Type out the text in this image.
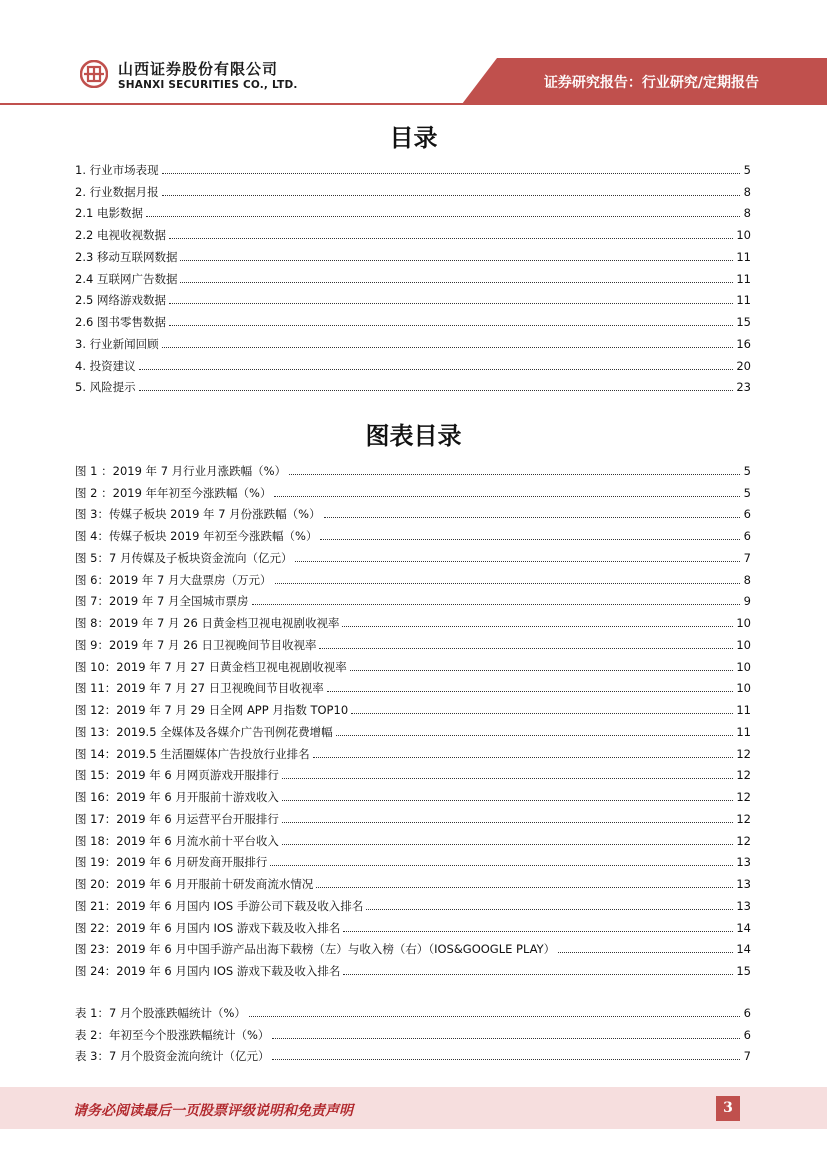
山西证券股份有限公司
SHANXI SECURITIES CO., LTD.	证券研究报告：行业研究/定期报告
目录
1. 行业市场表现	5
2. 行业数据月报	8
2.1 电影数据	8
2.2 电视收视数据	10
2.3 移动互联网数据	11
2.4 互联网广告数据	11
2.5 网络游戏数据	11
2.6 图书零售数据	15
3. 行业新闻回顾	16
4. 投资建议	20
5. 风险提示	23
图表目录
图 1 ：2019 年 7 月行业月涨跌幅（%）	5
图 2 ：2019 年年初至今涨跌幅（%）	5
图 3：传媒子板块 2019 年 7 月份涨跌幅（%）	6
图 4：传媒子板块 2019 年初至今涨跌幅（%）	6
图 5：7 月传媒及子板块资金流向（亿元）	7
图 6：2019 年 7 月大盘票房（万元）	8
图 7：2019 年 7 月全国城市票房	9
图 8：2019 年 7 月 26 日黄金档卫视电视剧收视率	10
图 9：2019 年 7 月 26 日卫视晚间节目收视率	10
图 10：2019 年 7 月 27 日黄金档卫视电视剧收视率	10
图 11：2019 年 7 月 27 日卫视晚间节目收视率	10
图 12：2019 年 7 月 29 日全网 APP 月指数 TOP10	11
图 13：2019.5 全媒体及各媒介广告刊例花费增幅	11
图 14：2019.5 生活圈媒体广告投放行业排名	12
图 15：2019 年 6 月网页游戏开服排行	12
图 16：2019 年 6 月开服前十游戏收入	12
图 17：2019 年 6 月运营平台开服排行	12
图 18：2019 年 6 月流水前十平台收入	12
图 19：2019 年 6 月研发商开服排行	13
图 20：2019 年 6 月开服前十研发商流水情况	13
图 21：2019 年 6 月国内 IOS 手游公司下载及收入排名	13
图 22：2019 年 6 月国内 IOS 游戏下载及收入排名	14
图 23：2019 年 6 月中国手游产品出海下载榜（左）与收入榜（右）（IOS&GOOGLE PLAY）	14
图 24：2019 年 6 月国内 IOS 游戏下载及收入排名	15
表 1：7 月个股涨跌幅统计（%）	6
表 2：年初至今个股涨跌幅统计（%）	6
表 3：7 月个股资金流向统计（亿元）	7
请务必阅读最后一页股票评级说明和免责声明	3
